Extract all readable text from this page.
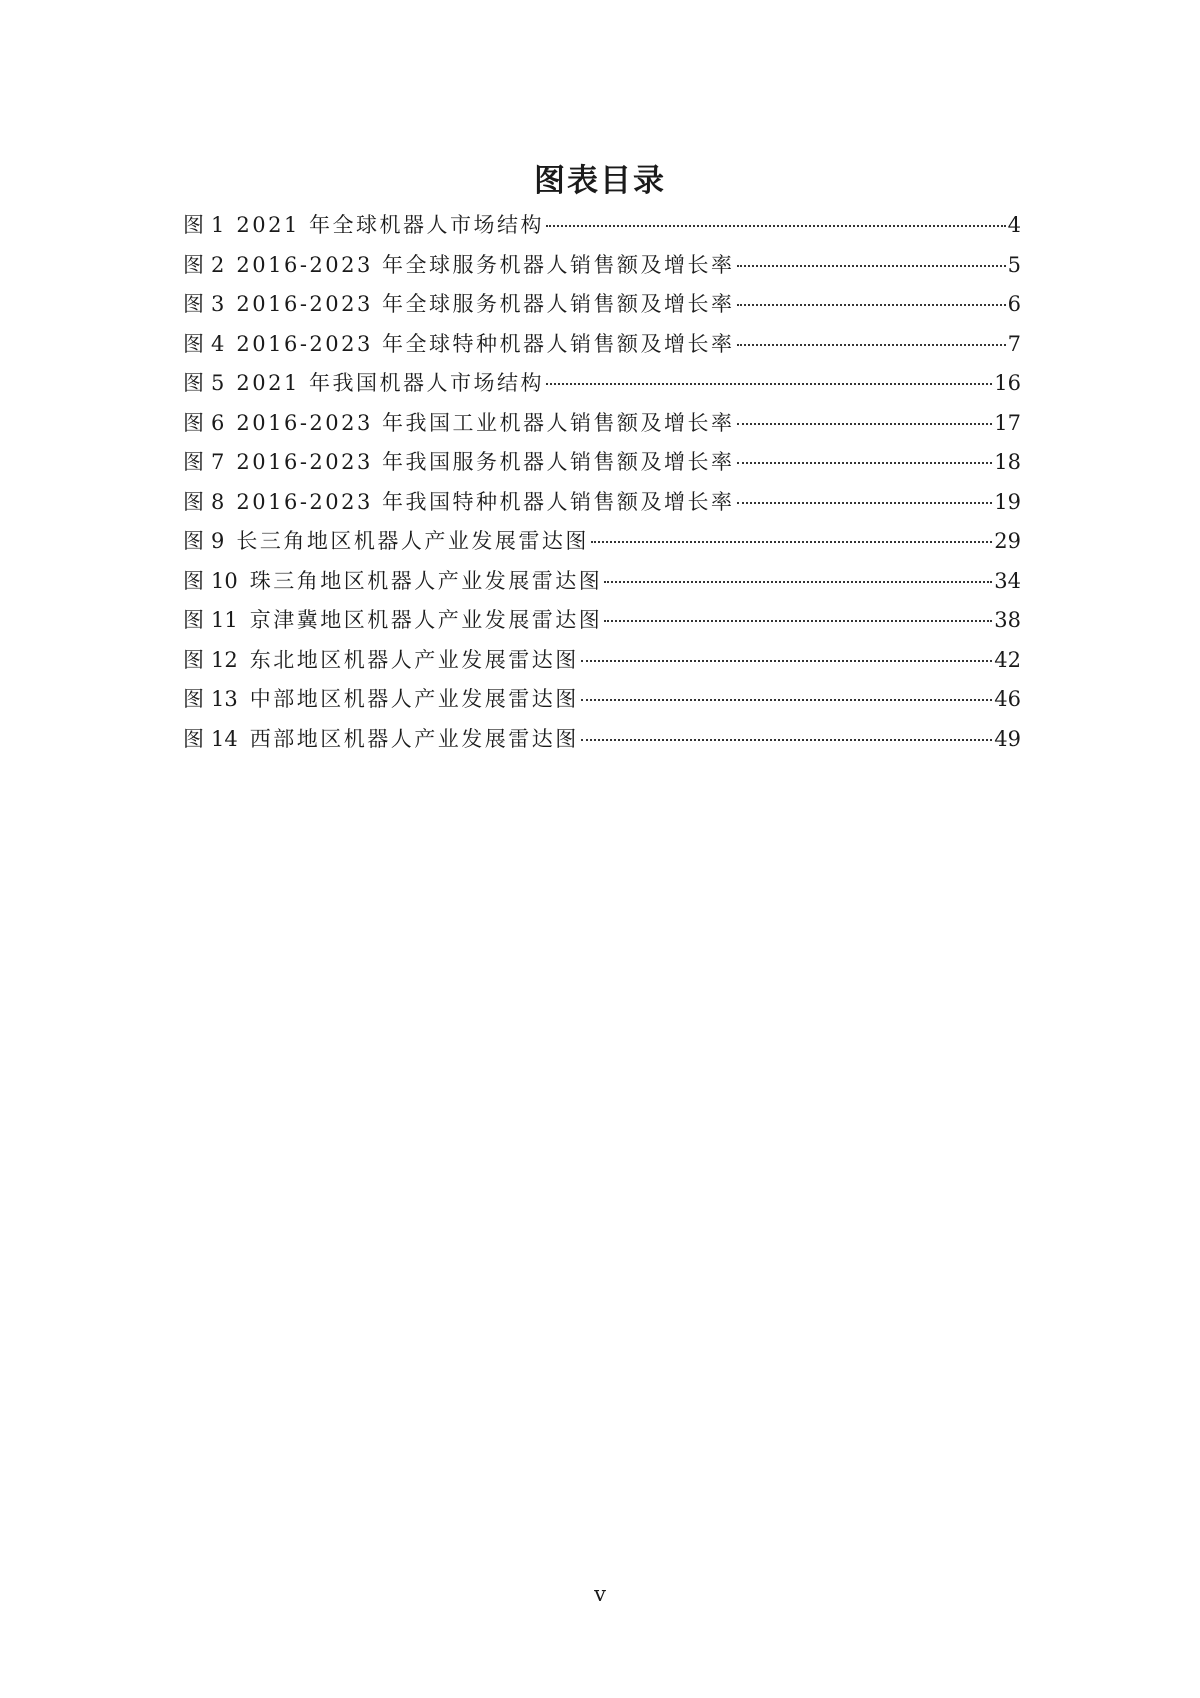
图表目录
图 1 2021 年全球机器人市场结构	4
图 2 2016-2023 年全球服务机器人销售额及增长率	5
图 3 2016-2023 年全球服务机器人销售额及增长率	6
图 4 2016-2023 年全球特种机器人销售额及增长率	7
图 5 2021 年我国机器人市场结构	16
图 6 2016-2023 年我国工业机器人销售额及增长率	17
图 7 2016-2023 年我国服务机器人销售额及增长率	18
图 8 2016-2023 年我国特种机器人销售额及增长率	19
图 9 长三角地区机器人产业发展雷达图	29
图 10 珠三角地区机器人产业发展雷达图	34
图 11 京津冀地区机器人产业发展雷达图	38
图 12 东北地区机器人产业发展雷达图	42
图 13 中部地区机器人产业发展雷达图	46
图 14 西部地区机器人产业发展雷达图	49
v
